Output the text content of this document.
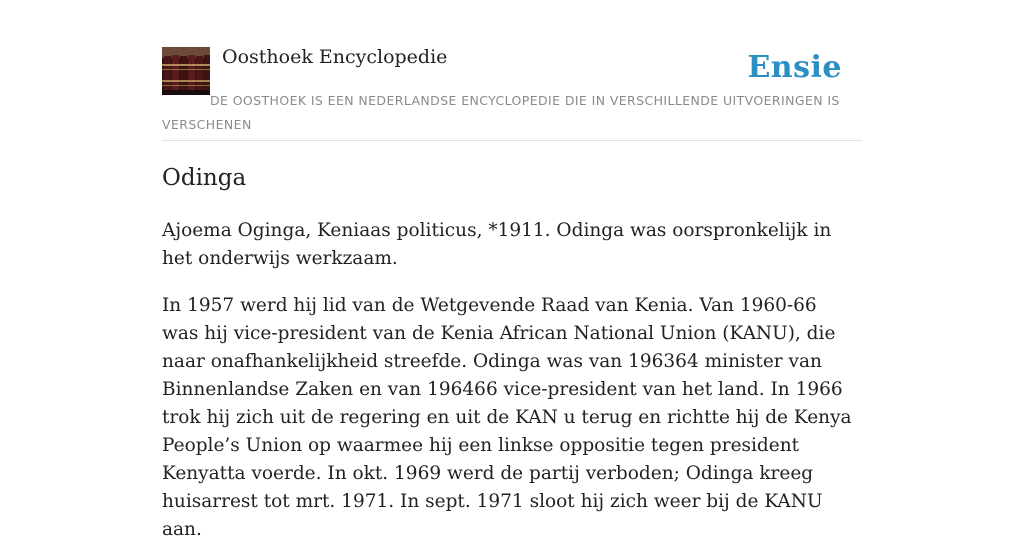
Oosthoek Encyclopedie	Ensie
DE OOSTHOEK IS EEN NEDERLANDSE ENCYCLOPEDIE DIE IN VERSCHILLENDE UITVOERINGEN IS VERSCHENEN
Odinga

Ajoema Oginga, Keniaas politicus, *1911. Odinga was oorspronkelijk in het onderwijs werkzaam.

In 1957 werd hij lid van de Wetgevende Raad van Kenia. Van 1960-66 was hij vice-president van de Kenia African National Union (KANU), die naar onafhankelijkheid streefde. Odinga was van 196364 minister van Binnenlandse Zaken en van 196466 vice-president van het land. In 1966 trok hij zich uit de regering en uit de KAN u terug en richtte hij de Kenya People’s Union op waarmee hij een linkse oppositie tegen president Kenyatta voerde. In okt. 1969 werd de partij verboden; Odinga kreeg huisarrest tot mrt. 1971. In sept. 1971 sloot hij zich weer bij de KANU aan.
